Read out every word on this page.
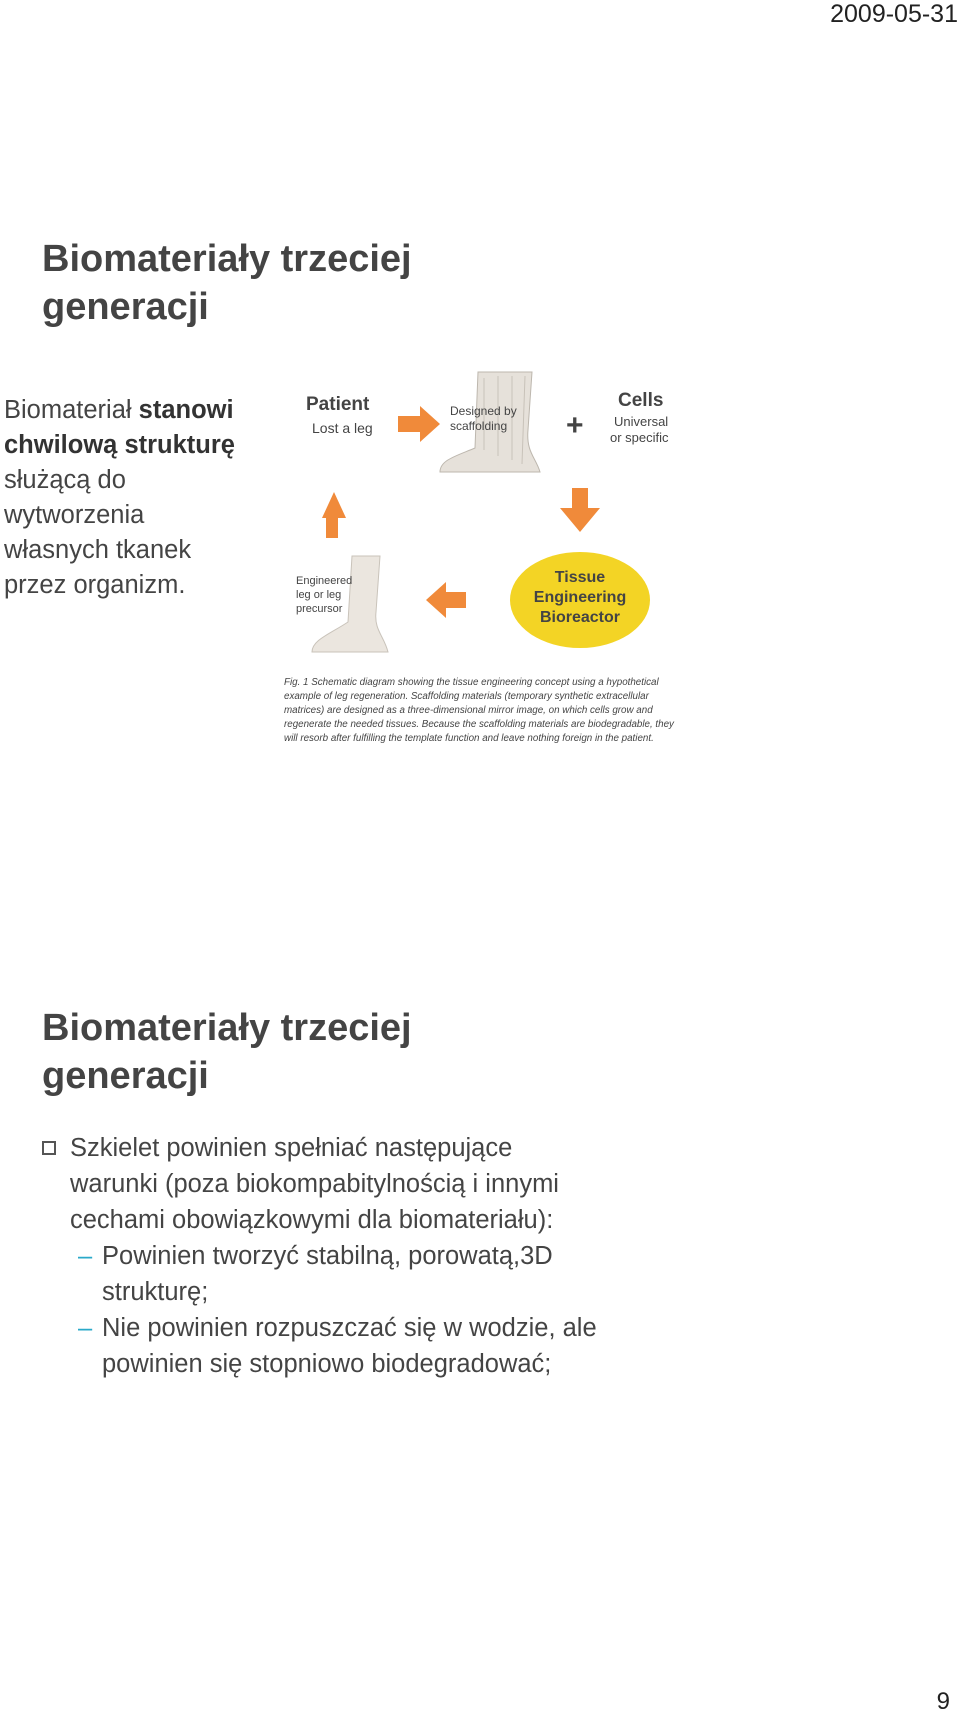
2009-05-31
Biomateriały trzeciej
generacji
Biomateriał stanowi
chwilową strukturę
służącą do
wytworzenia
własnych tkanek
przez organizm.
Patient
Lost a leg
Designed by
scaffolding +
Cells
Universal
or specific
Engineered
leg or leg
precursor
Tissue
Engineering
Bioreactor
Fig. 1 Schematic diagram showing the tissue engineering concept using a hypothetical
example of leg regeneration. Scaffolding materials (temporary synthetic extracellular
matrices) are designed as a three-dimensional mirror image, on which cells grow and
regenerate the needed tissues. Because the scaffolding materials are biodegradable, they
will resorb after fulfilling the template function and leave nothing foreign in the patient.
Biomateriały trzeciej
generacji
Szkielet powinien spełniać następujące
warunki (poza biokompabitylnością i innymi
cechami obowiązkowymi dla biomateriału):
– Powinien tworzyć stabilną, porowatą,3D
strukturę;
– Nie powinien rozpuszczać się w wodzie, ale
powinien się stopniowo biodegradować;
9
